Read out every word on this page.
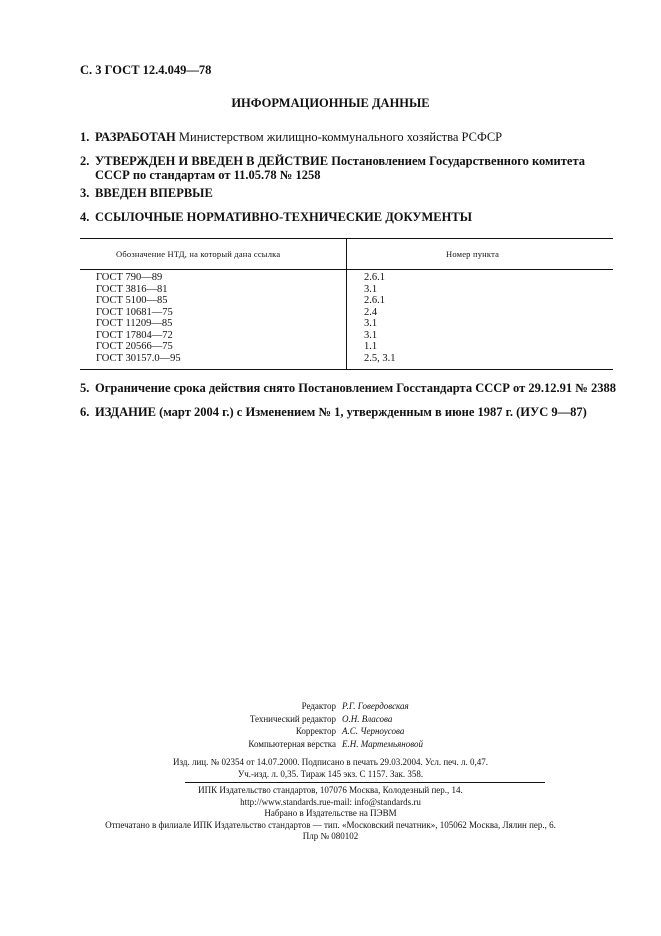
С. 3 ГОСТ 12.4.049—78
ИНФОРМАЦИОННЫЕ ДАННЫЕ
1. РАЗРАБОТАН Министерством жилищно-коммунального хозяйства РСФСР
2. УТВЕРЖДЕН И ВВЕДЕН В ДЕЙСТВИЕ Постановлением Государственного комитета СССР по стандартам от 11.05.78 № 1258
3. ВВЕДЕН ВПЕРВЫЕ
4. ССЫЛОЧНЫЕ НОРМАТИВНО-ТЕХНИЧЕСКИЕ ДОКУМЕНТЫ
Обозначение НТД, на который дана ссылка	Номер пункта
ГОСТ 790—89	2.6.1
ГОСТ 3816—81	3.1
ГОСТ 5100—85	2.6.1
ГОСТ 10681—75	2.4
ГОСТ 11209—85	3.1
ГОСТ 17804—72	3.1
ГОСТ 20566—75	1.1
ГОСТ 30157.0—95	2.5, 3.1
5. Ограничение срока действия снято Постановлением Госстандарта СССР от 29.12.91 № 2388
6. ИЗДАНИЕ (март 2004 г.) с Изменением № 1, утвержденным в июне 1987 г. (ИУС 9—87)
Редактор Р.Г. Говердовская
Технический редактор О.Н. Власова
Корректор А.С. Черноусова
Компьютерная верстка Е.Н. Мартемьяновой
Изд. лиц. № 02354 от 14.07.2000. Подписано в печать 29.03.2004. Усл. печ. л. 0,47.
Уч.-изд. л. 0,35. Тираж 145 экз. С 1157. Зак. 358.
ИПК Издательство стандартов, 107076 Москва, Колодезный пер., 14.
http://www.standards.rue-mail: info@standards.ru
Набрано в Издательстве на ПЭВМ
Отпечатано в филиале ИПК Издательство стандартов — тип. «Московский печатник», 105062 Москва, Лялин пер., 6.
Плр № 080102
